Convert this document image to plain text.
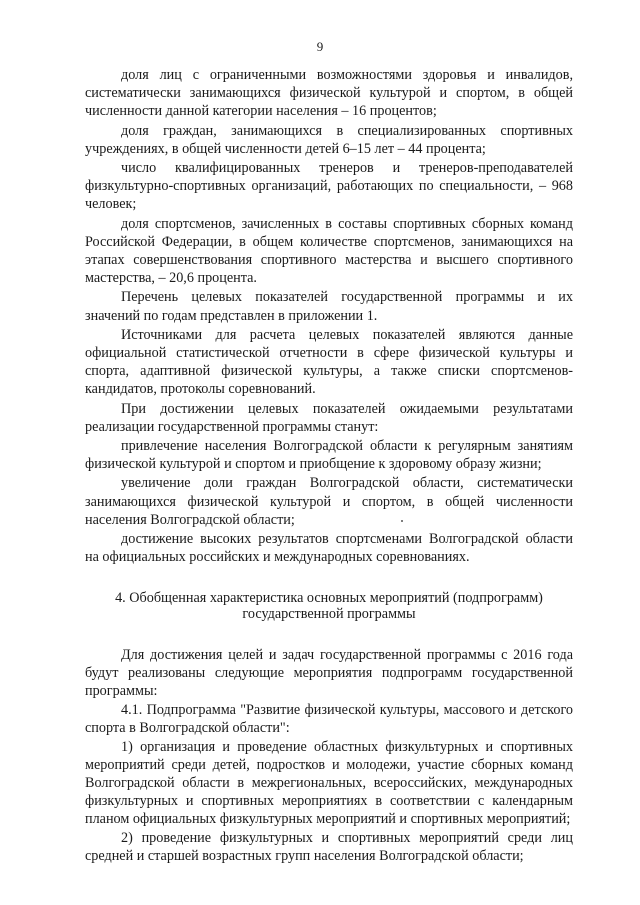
9

доля лиц с ограниченными возможностями здоровья и инвалидов, систематически занимающихся физической культурой и спортом, в общей численности данной категории населения – 16 процентов;

доля граждан, занимающихся в специализированных спортивных учреждениях, в общей численности детей 6–15 лет – 44 процента;

число квалифицированных тренеров и тренеров-преподавателей физкультурно-спортивных организаций, работающих по специальности, – 968 человек;

доля спортсменов, зачисленных в составы спортивных сборных команд Российской Федерации, в общем количестве спортсменов, занимающихся на этапах совершенствования спортивного мастерства и высшего спортивного мастерства, – 20,6 процента.

Перечень целевых показателей государственной программы и их значений по годам представлен в приложении 1.

Источниками для расчета целевых показателей являются данные официальной статистической отчетности в сфере физической культуры и спорта, адаптивной физической культуры, а также списки спортсменов-кандидатов, протоколы соревнований.

При достижении целевых показателей ожидаемыми результатами реализации государственной программы станут:

привлечение населения Волгоградской области к регулярным занятиям физической культурой и спортом и приобщение к здоровому образу жизни;

увеличение доли граждан Волгоградской области, систематически занимающихся физической культурой и спортом, в общей численности населения Волгоградской области;

достижение высоких результатов спортсменами Волгоградской области на официальных российских и международных соревнованиях.

4. Обобщенная характеристика основных мероприятий (подпрограмм)
государственной программы

Для достижения целей и задач государственной программы с 2016 года будут реализованы следующие мероприятия подпрограмм государственной программы:

4.1. Подпрограмма "Развитие физической культуры, массового и детского спорта в Волгоградской области":

1) организация и проведение областных физкультурных и спортивных мероприятий среди детей, подростков и молодежи, участие сборных команд Волгоградской области в межрегиональных, всероссийских, международных физкультурных и спортивных мероприятиях в соответствии с календарным планом официальных физкультурных мероприятий и спортивных мероприятий;

2) проведение физкультурных и спортивных мероприятий среди лиц средней и старшей возрастных групп населения Волгоградской области;
